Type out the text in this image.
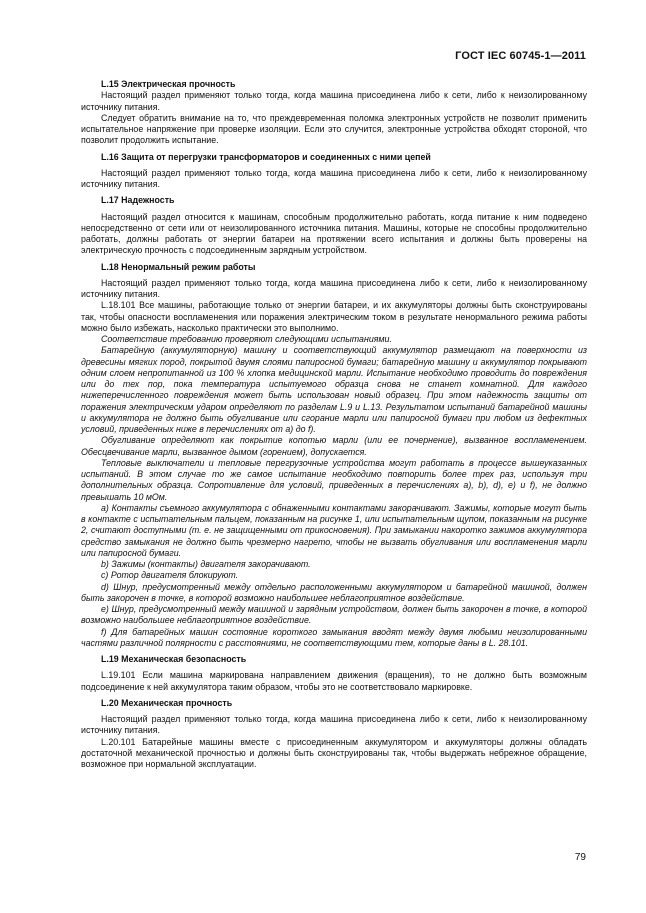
ГОСТ IEC 60745-1—2011
L.15 Электрическая прочность

Настоящий раздел применяют только тогда, когда машина присоединена либо к сети, либо к неизолированному источнику питания.

Следует обратить внимание на то, что преждевременная поломка электронных устройств не позволит применить испытательное напряжение при проверке изоляции. Если это случится, электронные устройства обходят стороной, что позволит продолжить испытание.

L.16 Защита от перегрузки трансформаторов и соединенных с ними цепей

Настоящий раздел применяют только тогда, когда машина присоединена либо к сети, либо к неизолированному источнику питания.

L.17 Надежность

Настоящий раздел относится к машинам, способным продолжительно работать, когда питание к ним подведено непосредственно от сети или от неизолированного источника питания. Машины, которые не способны продолжительно работать, должны работать от энергии батареи на протяжении всего испытания и должны быть проверены на электрическую прочность с подсоединенным зарядным устройством.

L.18 Ненормальный режим работы

Настоящий раздел применяют только тогда, когда машина присоединена либо к сети, либо к неизолированному источнику питания.

L.18.101 Все машины, работающие только от энергии батареи, и их аккумуляторы должны быть сконструированы так, чтобы опасности воспламенения или поражения электрическим током в результате ненормального режима работы можно было избежать, насколько практически это выполнимо.

Соответствие требованию проверяют следующими испытаниями.

Батарейную (аккумуляторную) машину и соответствующий аккумулятор размещают на поверхности из древесины мягких пород, покрытой двумя слоями папиросной бумаги; батарейную машину и аккумулятор покрывают одним слоем непропитанной из 100 % хлопка медицинской марли. Испытание необходимо проводить до повреждения или до тех пор, пока температура испытуемого образца снова не станет комнатной. Для каждого нижеперечисленного повреждения может быть использован новый образец. При этом надежность защиты от поражения электрическим ударом определяют по разделам L.9 и L.13. Результатом испытаний батарейной машины и аккумулятора не должно быть обугливание или сгорание марли или папиросной бумаги при любом из дефектных условий, приведенных ниже в перечислениях от а) до f).

Обугливание определяют как покрытие копотью марли (или ее почернение), вызванное воспламенением. Обесцвечивание марли, вызванное дымом (горением), допускается.

Тепловые выключатели и тепловые перегрузочные устройства могут работать в процессе вышеуказанных испытаний. В этом случае то же самое испытание необходимо повторить более трех раз, используя три дополнительных образца. Сопротивление для условий, приведенных в перечислениях a), b), d), e) и f), не должно превышать 10 мОм.

a) Контакты съемного аккумулятора с обнаженными контактами закорачивают. Зажимы, которые могут быть в контакте с испытательным пальцем, показанным на рисунке 1, или испытательным щупом, показанным на рисунке 2, считают доступными (т. е. не защищенными от прикосновения). При замыкании накоротко зажимов аккумулятора средство замыкания не должно быть чрезмерно нагрето, чтобы не вызвать обугливания или воспламенения марли или папиросной бумаги.

b) Зажимы (контакты) двигателя закорачивают.

c) Ротор двигателя блокируют.

d) Шнур, предусмотренный между отдельно расположенными аккумулятором и батарейной машиной, должен быть закорочен в точке, в которой возможно наибольшее неблагоприятное воздействие.

e) Шнур, предусмотренный между машиной и зарядным устройством, должен быть закорочен в точке, в которой возможно наибольшее неблагоприятное воздействие.

f) Для батарейных машин состояние короткого замыкания вводят между двумя любыми неизолированными частями различной полярности с расстояниями, не соответствующими тем, которые даны в L. 28.101.

L.19 Механическая безопасность

L.19.101 Если машина маркирована направлением движения (вращения), то не должно быть возможным подсоединение к ней аккумулятора таким образом, чтобы это не соответствовало маркировке.

L.20 Механическая прочность

Настоящий раздел применяют только тогда, когда машина присоединена либо к сети, либо к неизолированному источнику питания.

L.20.101 Батарейные машины вместе с присоединенным аккумулятором и аккумуляторы должны обладать достаточной механической прочностью и должны быть сконструированы так, чтобы выдержать небрежное обращение, возможное при нормальной эксплуатации.

79
